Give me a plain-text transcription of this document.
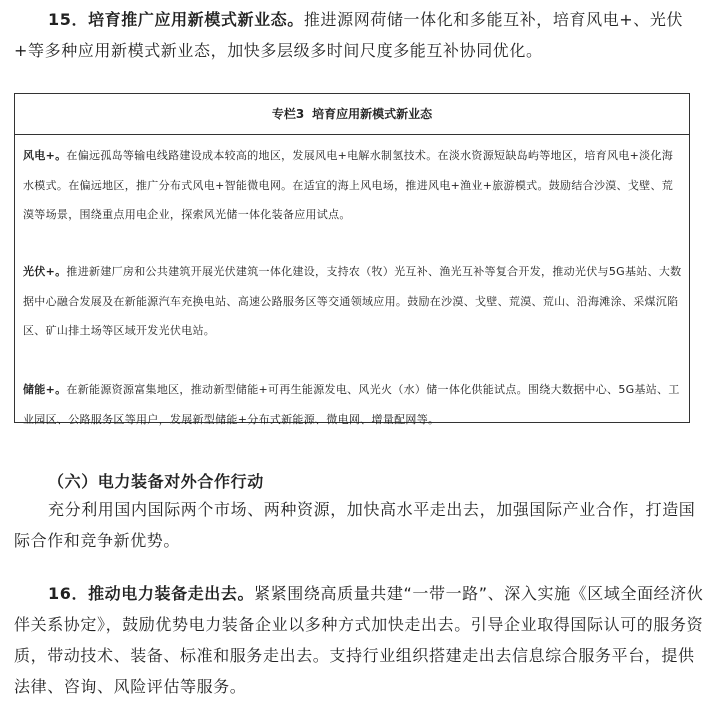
15．培育推广应用新模式新业态。推进源网荷储一体化和多能互补，培育风电+、光伏+等多种应用新模式新业态，加快多层级多时间尺度多能互补协同优化。

专栏3 培育应用新模式新业态

风电+。在偏远孤岛等输电线路建设成本较高的地区，发展风电+电解水制氢技术。在淡水资源短缺岛屿等地区，培育风电+淡化海水模式。在偏远地区，推广分布式风电+智能微电网。在适宜的海上风电场，推进风电+渔业+旅游模式。鼓励结合沙漠、戈壁、荒漠等场景，围绕重点用电企业，探索风光储一体化装备应用试点。

光伏+。推进新建厂房和公共建筑开展光伏建筑一体化建设，支持农（牧）光互补、渔光互补等复合开发，推动光伏与5G基站、大数据中心融合发展及在新能源汽车充换电站、高速公路服务区等交通领域应用。鼓励在沙漠、戈壁、荒漠、荒山、沿海滩涂、采煤沉陷区、矿山排土场等区域开发光伏电站。

储能+。在新能源资源富集地区，推动新型储能+可再生能源发电、风光火（水）储一体化供能试点。围绕大数据中心、5G基站、工业园区、公路服务区等用户，发展新型储能+分布式新能源、微电网、增量配网等。

（六）电力装备对外合作行动

充分利用国内国际两个市场、两种资源，加快高水平走出去，加强国际产业合作，打造国际合作和竞争新优势。

16．推动电力装备走出去。紧紧围绕高质量共建“一带一路”、深入实施《区域全面经济伙伴关系协定》，鼓励优势电力装备企业以多种方式加快走出去。引导企业取得国际认可的服务资质，带动技术、装备、标准和服务走出去。支持行业组织搭建走出去信息综合服务平台，提供法律、咨询、风险评估等服务。
